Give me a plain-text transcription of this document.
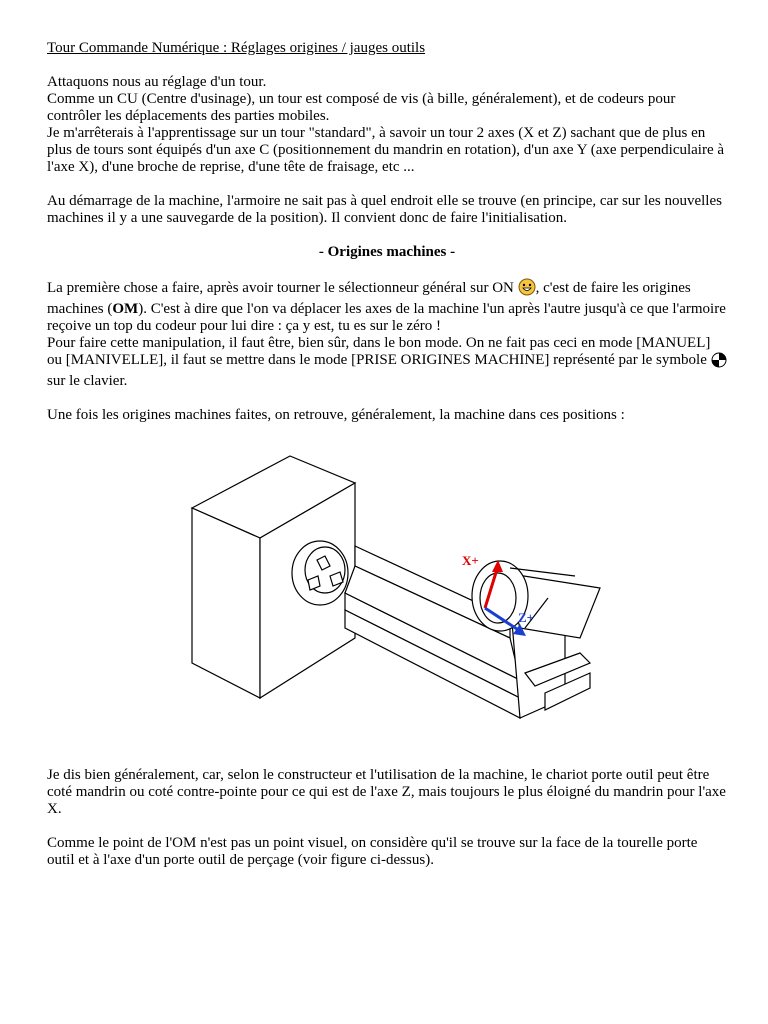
Tour Commande Numérique : Réglages origines / jauges outils

Attaquons nous au réglage d'un tour.

Comme un CU (Centre d'usinage), un tour est composé de vis (à bille, généralement), et de codeurs pour contrôler les déplacements des parties mobiles.

Je m'arrêterais à l'apprentissage sur un tour "standard", à savoir un tour 2 axes (X et Z) sachant que de plus en plus de tours sont équipés d'un axe C (positionnement du mandrin en rotation), d'un axe Y (axe perpendiculaire à l'axe X), d'une broche de reprise, d'une tête de fraisage, etc ...

Au démarrage de la machine, l'armoire ne sait pas à quel endroit elle se trouve (en principe, car sur les nouvelles machines il y a une sauvegarde de la position). Il convient donc de faire l'initialisation.

- Origines machines -

La première chose a faire, après avoir tourner le sélectionneur général sur ON , c'est de faire les origines machines (OM). C'est à dire que l'on va déplacer les axes de la machine l'un après l'autre jusqu'à ce que l'armoire reçoive un top du codeur pour lui dire : ça y est, tu es sur le zéro !

Pour faire cette manipulation, il faut être, bien sûr, dans le bon mode. On ne fait pas ceci en mode [MANUEL] ou [MANIVELLE], il faut se mettre dans le mode [PRISE ORIGINES MACHINE] représenté par le symbole sur le clavier.

Une fois les origines machines faites, on retrouve, généralement, la machine dans ces positions :

X+
Z+

Je dis bien généralement, car, selon le constructeur et l'utilisation de la machine, le chariot porte outil peut être coté mandrin ou coté contre-pointe pour ce qui est de l'axe Z, mais toujours le plus éloigné du mandrin pour l'axe X.

Comme le point de l'OM n'est pas un point visuel, on considère qu'il se trouve sur la face de la tourelle porte outil et à l'axe d'un porte outil de perçage (voir figure ci-dessus).
